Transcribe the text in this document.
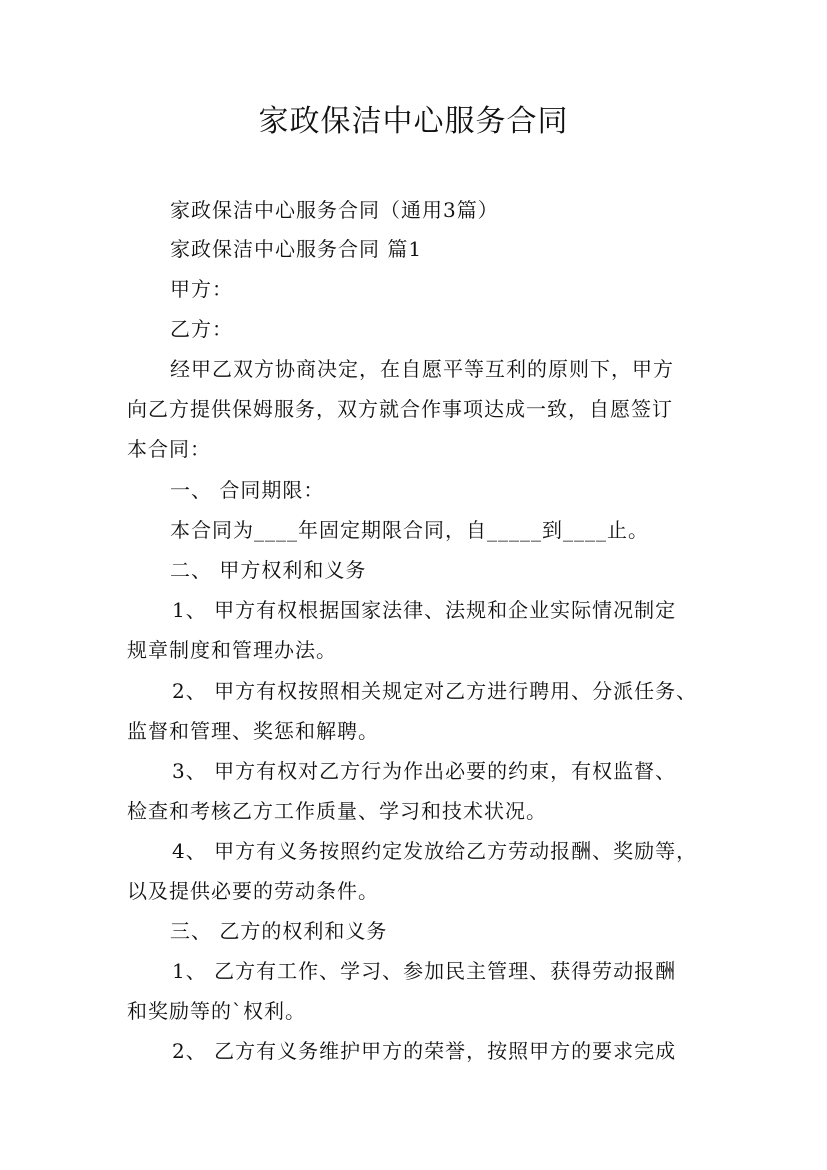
家政保洁中心服务合同
家政保洁中心服务合同（通用3篇）
家政保洁中心服务合同 篇1
甲方：
乙方：
经甲乙双方协商决定，在自愿平等互利的原则下，甲方
向乙方提供保姆服务，双方就合作事项达成一致，自愿签订
本合同：
一、 合同期限：
本合同为____年固定期限合同，自_____到____止。
二、 甲方权利和义务
1、 甲方有权根据国家法律、法规和企业实际情况制定
规章制度和管理办法。
2、 甲方有权按照相关规定对乙方进行聘用、分派任务、
监督和管理、奖惩和解聘。
3、 甲方有权对乙方行为作出必要的约束，有权监督、
检查和考核乙方工作质量、学习和技术状况。
4、 甲方有义务按照约定发放给乙方劳动报酬、奖励等，
以及提供必要的劳动条件。
三、 乙方的权利和义务
1、 乙方有工作、学习、参加民主管理、获得劳动报酬
和奖励等的`权利。
2、 乙方有义务维护甲方的荣誉，按照甲方的要求完成
